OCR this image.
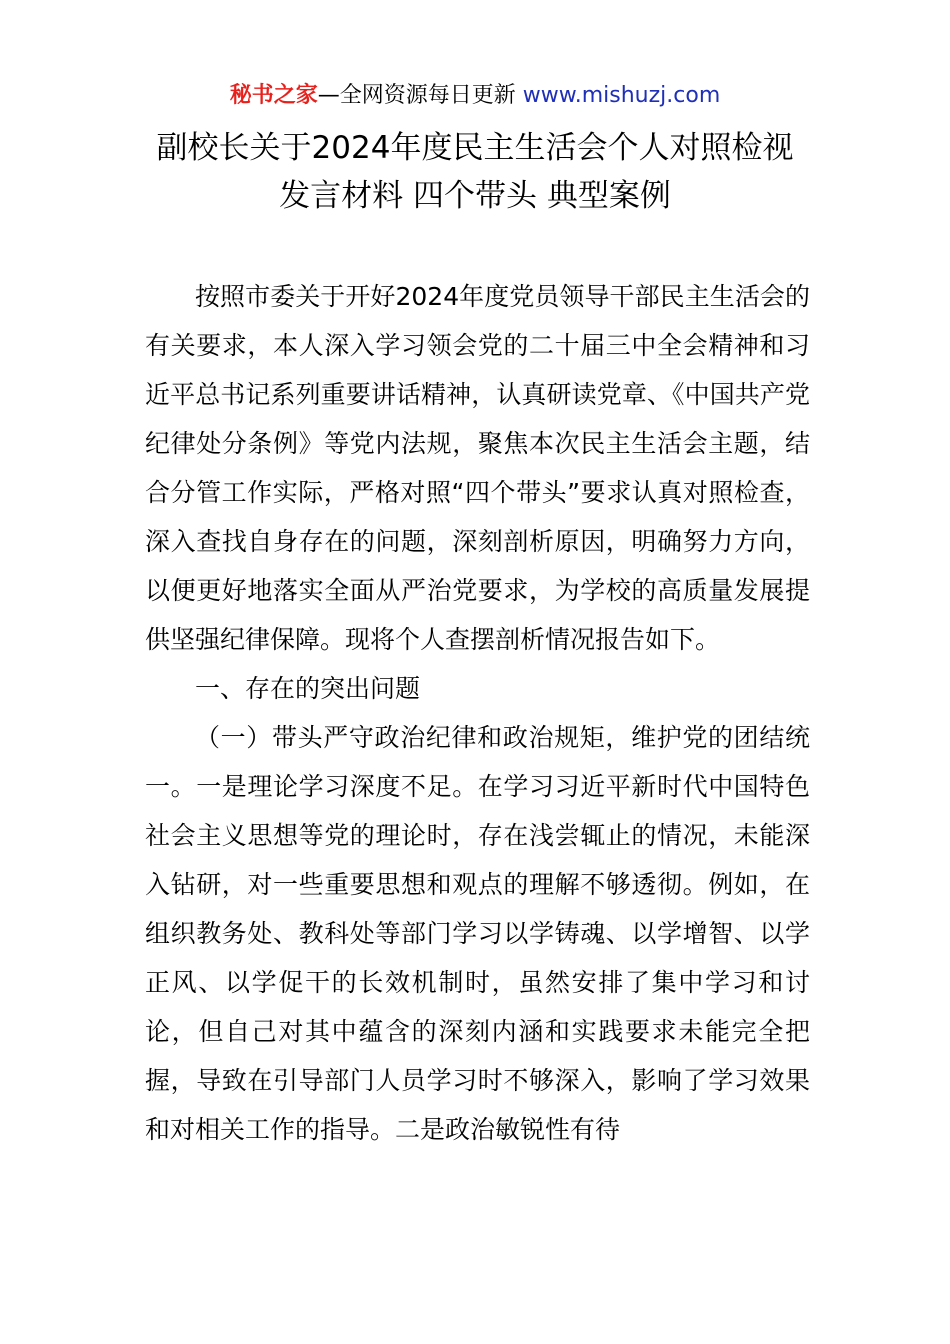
秘书之家—全网资源每日更新 www.mishuzj.com
副校长关于2024年度民主生活会个人对照检视
发言材料 四个带头 典型案例

按照市委关于开好2024年度党员领导干部民主生活会的有关要求，本人深入学习领会党的二十届三中全会精神和习近平总书记系列重要讲话精神，认真研读党章、《中国共产党纪律处分条例》等党内法规，聚焦本次民主生活会主题，结合分管工作实际，严格对照“四个带头”要求认真对照检查，深入查找自身存在的问题，深刻剖析原因，明确努力方向，以便更好地落实全面从严治党要求，为学校的高质量发展提供坚强纪律保障。现将个人查摆剖析情况报告如下。

一、存在的突出问题

（一）带头严守政治纪律和政治规矩，维护党的团结统一。一是理论学习深度不足。在学习习近平新时代中国特色社会主义思想等党的理论时，存在浅尝辄止的情况，未能深入钻研，对一些重要思想和观点的理解不够透彻。例如，在组织教务处、教科处等部门学习以学铸魂、以学增智、以学正风、以学促干的长效机制时，虽然安排了集中学习和讨论，但自己对其中蕴含的深刻内涵和实践要求未能完全把握，导致在引导部门人员学习时不够深入，影响了学习效果和对相关工作的指导。二是政治敏锐性有待
